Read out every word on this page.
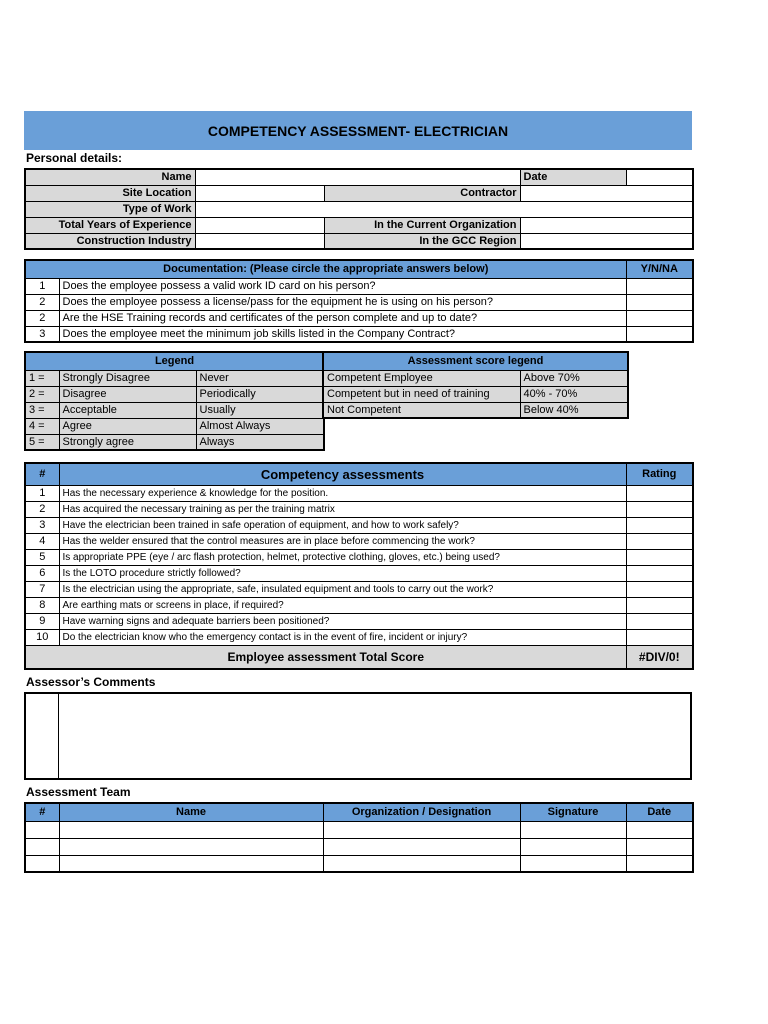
COMPETENCY ASSESSMENT- ELECTRICIAN
Personal details:
Name			Date	
Site Location		Contractor		
Type of Work				
Total Years of Experience		In the Current Organization		
Construction Industry		In the GCC Region		
Documentation: (Please circle the appropriate answers below)		Y/N/NA
1	Does the employee possess a valid work ID card on his person?	
2	Does the employee possess a license/pass for the equipment he is using on his person?	
2	Are the HSE Training records and certificates of the person complete and up to date?	
3	Does the employee meet the minimum job skills listed in the Company Contract?	
Legend		
1 =	Strongly Disagree	Never
2 =	Disagree	Periodically
3 =	Acceptable	Usually
4 =	Agree	Almost Always
5 =	Strongly agree	Always
Assessment score legend	
Competent Employee	Above 70%
Competent but in need of training	40% - 70%
Not Competent	Below 40%
#	Competency assessments	Rating
1	Has the necessary experience & knowledge for the position.	
2	Has acquired the necessary training as per the training matrix	
3	Have the electrician been trained in safe operation of equipment, and how to work safely?	
4	Has the welder ensured that the control measures are in place before commencing the work?	
5	Is appropriate PPE (eye / arc flash protection, helmet, protective clothing, gloves, etc.) being used?	
6	Is the LOTO procedure strictly followed?	
7	Is the electrician using the appropriate, safe, insulated equipment and tools to carry out the work?	
8	Are earthing mats or screens in place, if required?	
9	Have warning signs and adequate barriers been positioned?	
10	Do the electrician know who the emergency contact is in the event of fire, incident or injury?	
Employee assessment Total Score		#DIV/0!
Assessor’s Comments
Assessment Team
#	Name	Organization / Designation	Signature	Date
